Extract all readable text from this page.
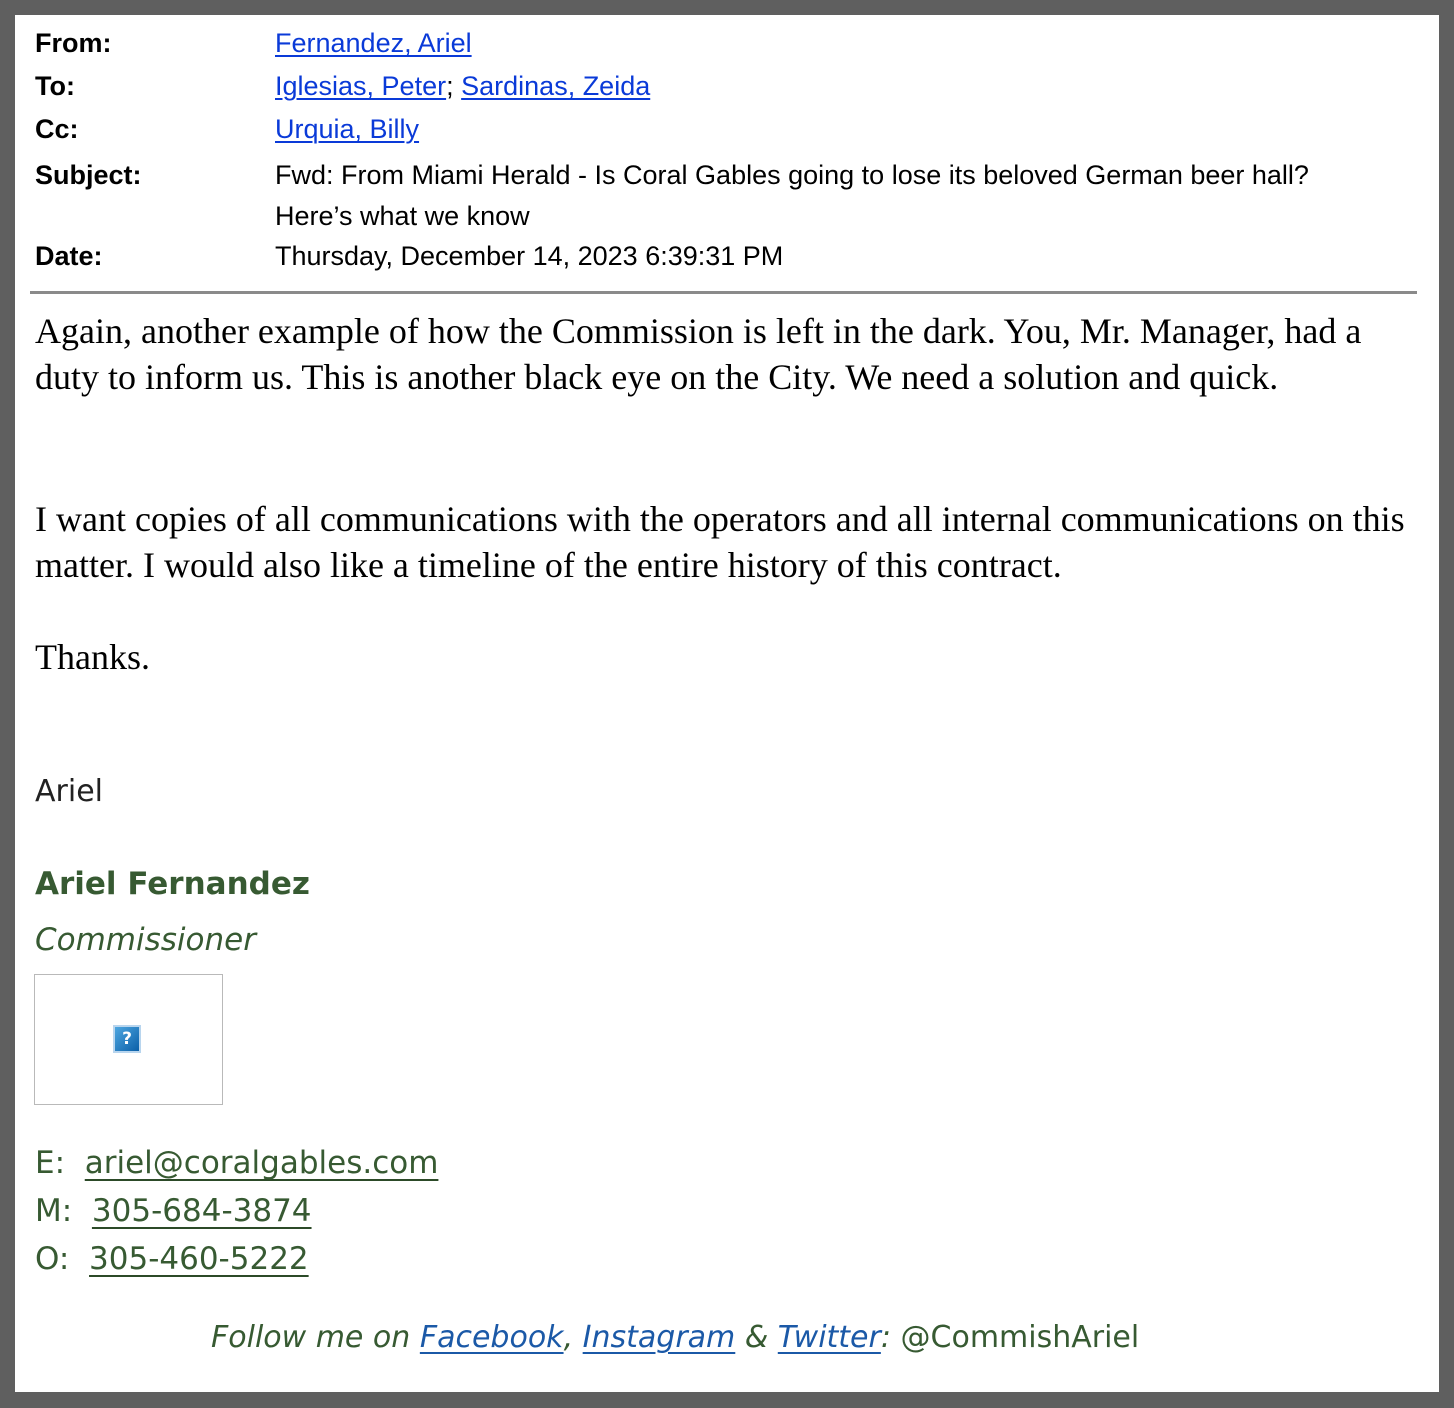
From:	Fernandez, Ariel
To:	Iglesias, Peter; Sardinas, Zeida
Cc:	Urquia, Billy
Subject:	Fwd: From Miami Herald - Is Coral Gables going to lose its beloved German beer hall?
Here’s what we know
Date:	Thursday, December 14, 2023 6:39:31 PM

Again, another example of how the Commission is left in the dark. You, Mr. Manager, had a duty to inform us. This is another black eye on the City. We need a solution and quick.

I want copies of all communications with the operators and all internal communications on this matter. I would also like a timeline of the entire history of this contract.

Thanks.

Ariel
Ariel Fernandez
Commissioner
?
E: ariel@coralgables.com
M: 305-684-3874
O: 305-460-5222
Follow me on Facebook, Instagram & Twitter: @CommishAriel
